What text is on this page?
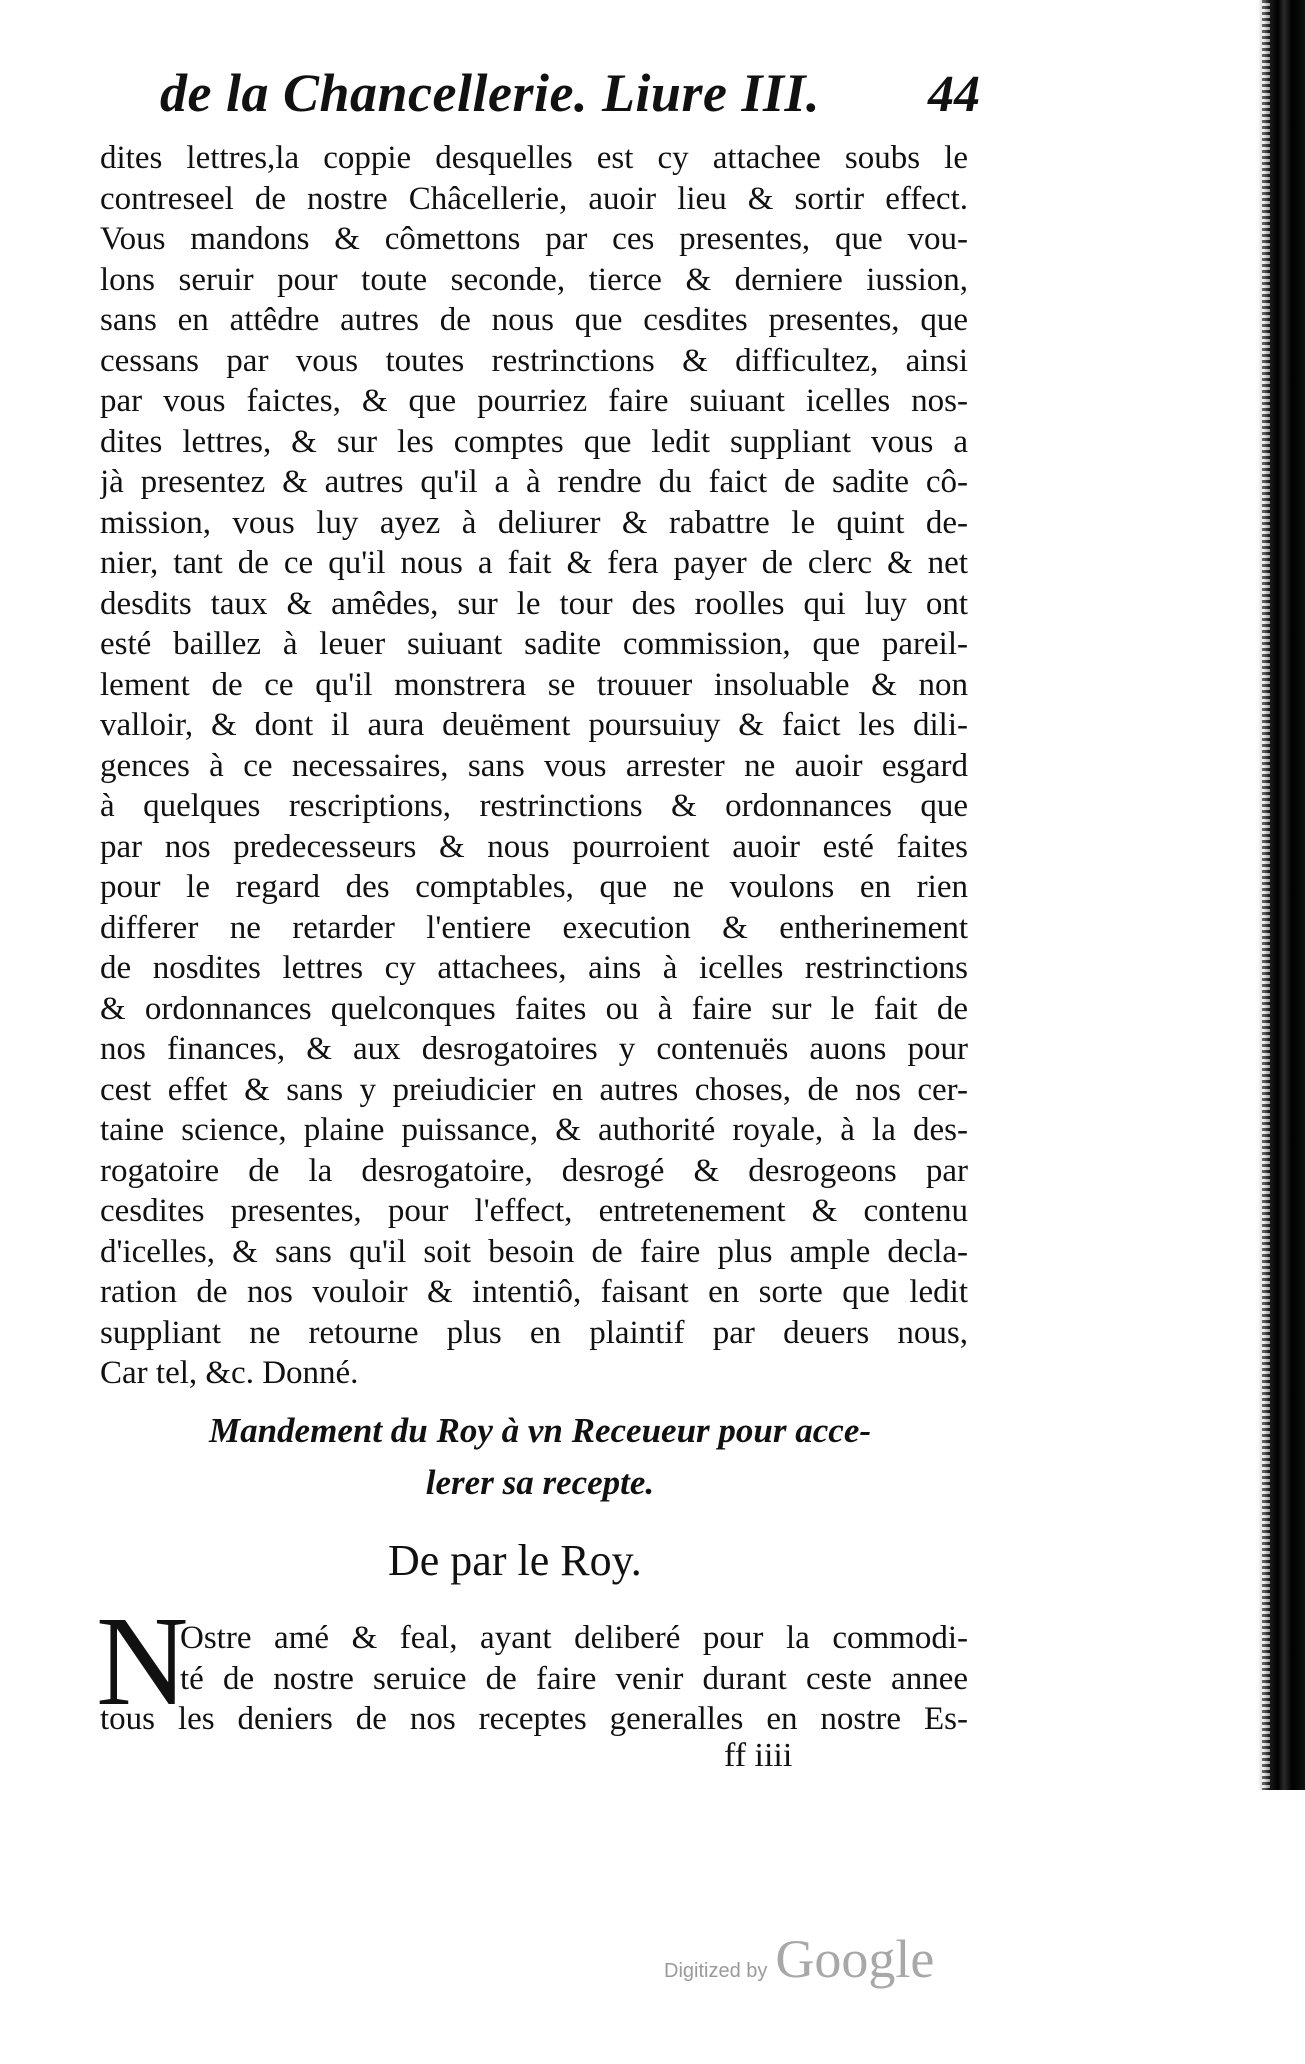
de la Chancellerie. Liure III. 44
dites lettres,la coppie desquelles est cy attachee soubs le
contreseel de nostre Châcellerie, auoir lieu & sortir effect.
Vous mandons & cômettons par ces presentes, que vou-
lons seruir pour toute seconde, tierce & derniere iussion,
sans en attêdre autres de nous que cesdites presentes, que
cessans par vous toutes restrinctions & difficultez, ainsi
par vous faictes, & que pourriez faire suiuant icelles nos-
dites lettres, & sur les comptes que ledit suppliant vous a
jà presentez & autres qu'il a à rendre du faict de sadite cô-
mission, vous luy ayez à deliurer & rabattre le quint de-
nier, tant de ce qu'il nous a fait & fera payer de clerc & net
desdits taux & amêdes, sur le tour des roolles qui luy ont
esté baillez à leuer suiuant sadite commission, que pareil-
lement de ce qu'il monstrera se trouuer insoluable & non
valloir, & dont il aura deuëment poursuiuy & faict les dili-
gences à ce necessaires, sans vous arrester ne auoir esgard
à quelques rescriptions, restrinctions & ordonnances que
par nos predecesseurs & nous pourroient auoir esté faites
pour le regard des comptables, que ne voulons en rien
differer ne retarder l'entiere execution & entherinement
de nosdites lettres cy attachees, ains à icelles restrinctions
& ordonnances quelconques faites ou à faire sur le fait de
nos finances, & aux desrogatoires y contenuës auons pour
cest effet & sans y preiudicier en autres choses, de nos cer-
taine science, plaine puissance, & authorité royale, à la des-
rogatoire de la desrogatoire, desrogé & desrogeons par
cesdites presentes, pour l'effect, entretenement & contenu
d'icelles, & sans qu'il soit besoin de faire plus ample decla-
ration de nos vouloir & intentiô, faisant en sorte que ledit
suppliant ne retourne plus en plaintif par deuers nous,
Car tel, &c. Donné.
Mandement du Roy à vn Receueur pour acce-
lerer sa recepte.
De par le Roy.
N
Ostre amé & feal, ayant deliberé pour la commodi-
té de nostre seruice de faire venir durant ceste annee
tous les deniers de nos receptes generalles en nostre Es-
ff iiii
Digitized by Google
